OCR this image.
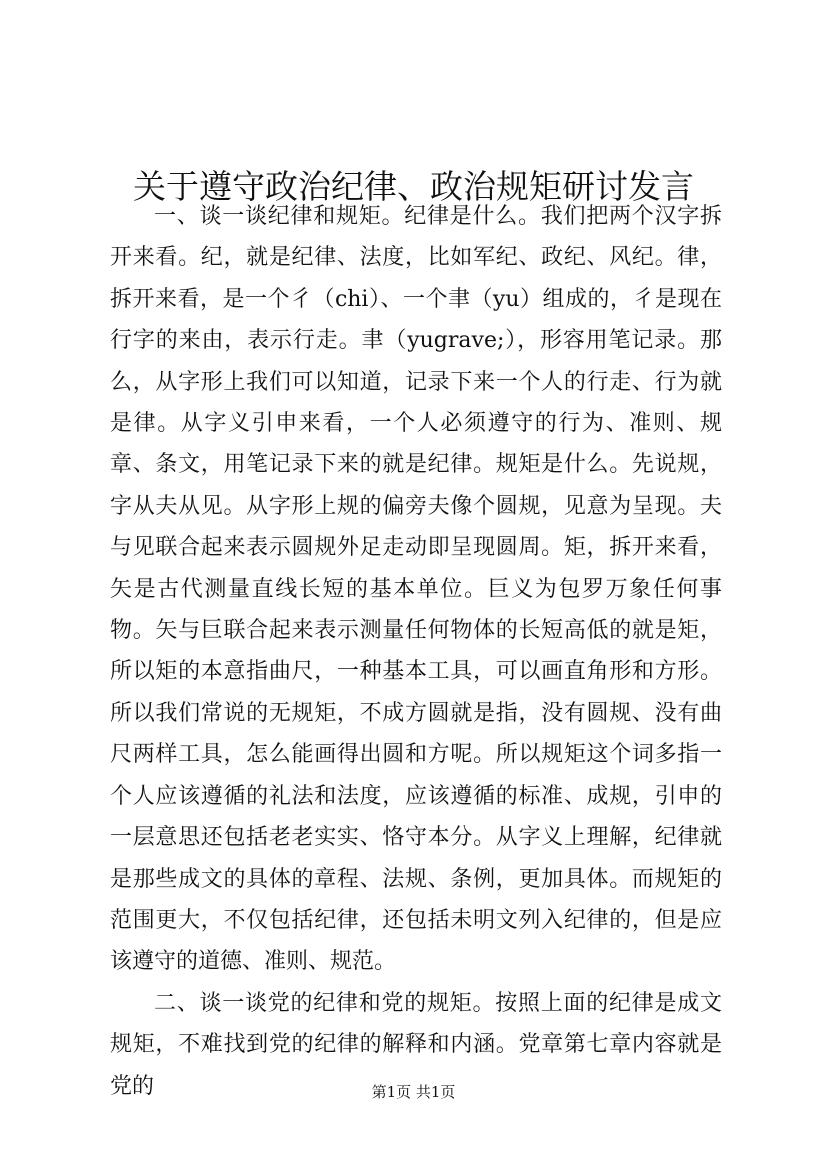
关于遵守政治纪律、政治规矩研讨发言

一、谈一谈纪律和规矩。纪律是什么。我们把两个汉字拆开来看。纪，就是纪律、法度，比如军纪、政纪、风纪。律，拆开来看，是一个彳（chi）、一个聿（yu）组成的，彳是现在行字的来由，表示行走。聿（yugrave;），形容用笔记录。那么，从字形上我们可以知道，记录下来一个人的行走、行为就是律。从字义引申来看，一个人必须遵守的行为、准则、规章、条文，用笔记录下来的就是纪律。规矩是什么。先说规，字从夫从见。从字形上规的偏旁夫像个圆规，见意为呈现。夫与见联合起来表示圆规外足走动即呈现圆周。矩，拆开来看，矢是古代测量直线长短的基本单位。巨义为包罗万象任何事物。矢与巨联合起来表示测量任何物体的长短高低的就是矩，所以矩的本意指曲尺，一种基本工具，可以画直角形和方形。所以我们常说的无规矩，不成方圆就是指，没有圆规、没有曲尺两样工具，怎么能画得出圆和方呢。所以规矩这个词多指一个人应该遵循的礼法和法度，应该遵循的标准、成规，引申的一层意思还包括老老实实、恪守本分。从字义上理解，纪律就是那些成文的具体的章程、法规、条例，更加具体。而规矩的范围更大，不仅包括纪律，还包括未明文列入纪律的，但是应该遵守的道德、准则、规范。

二、谈一谈党的纪律和党的规矩。按照上面的纪律是成文规矩，不难找到党的纪律的解释和内涵。党章第七章内容就是党的	第1页 共1页
